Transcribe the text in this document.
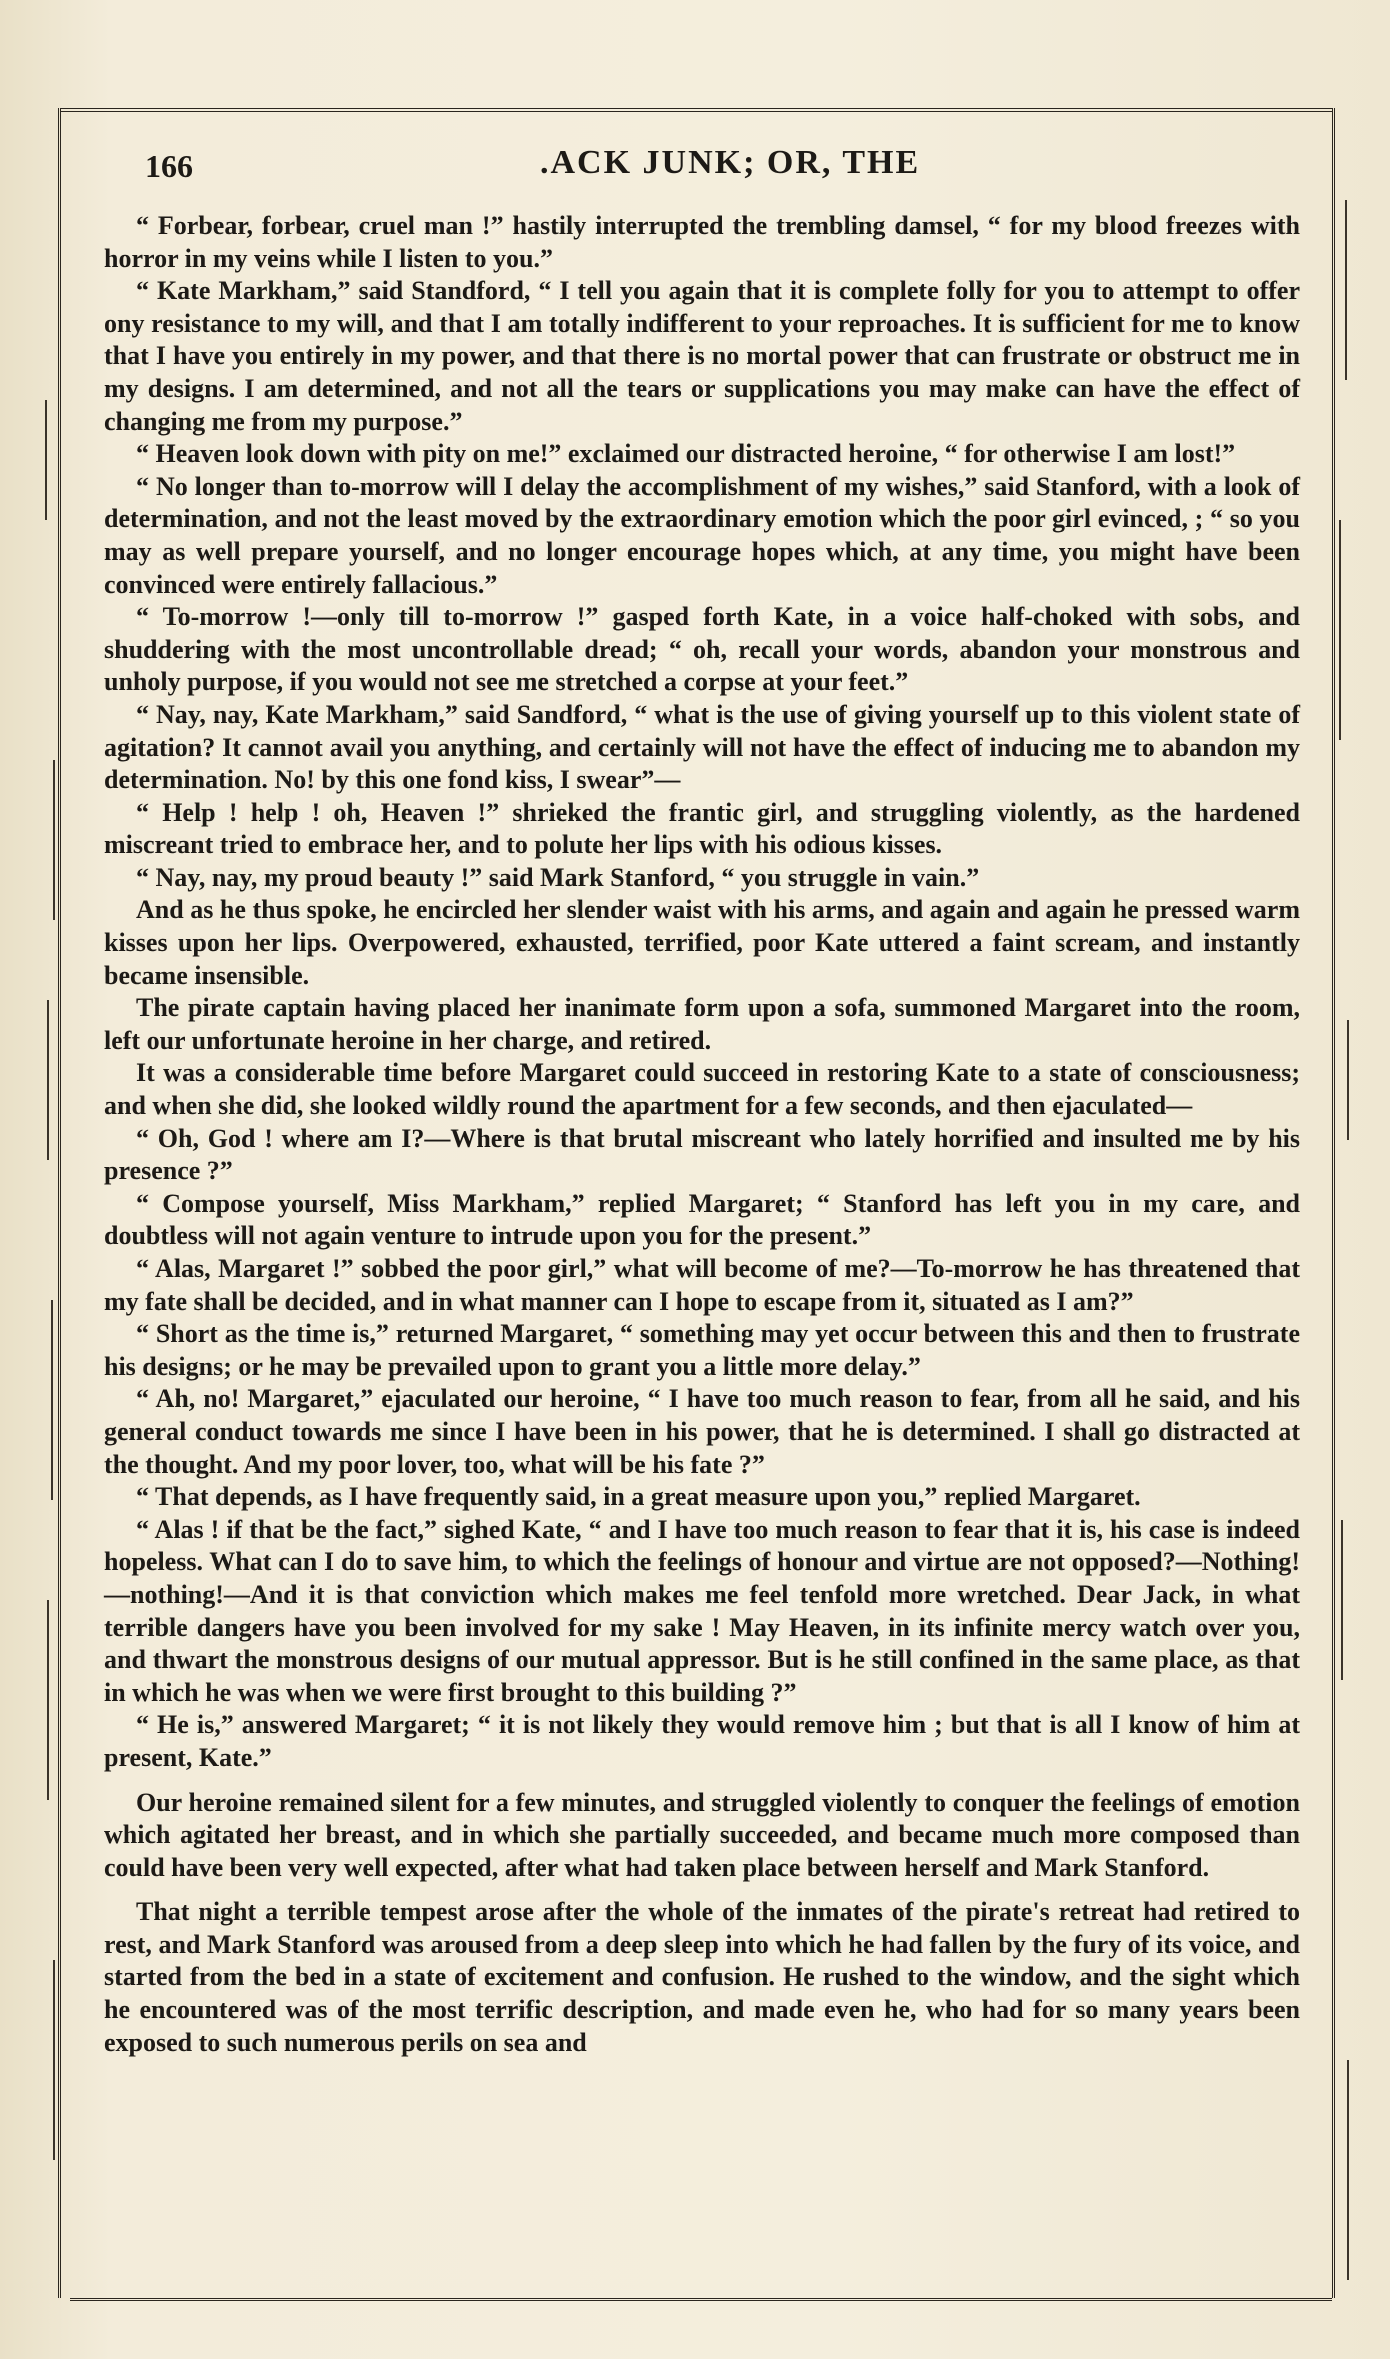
166	.ACK JUNK; OR, THE

“ Forbear, forbear, cruel man !” hastily interrupted the trembling damsel, “ for my blood freezes with horror in my veins while I listen to you.”

“ Kate Markham,” said Standford, “ I tell you again that it is complete folly for you to attempt to offer ony resistance to my will, and that I am totally indifferent to your reproaches. It is sufficient for me to know that I have you entirely in my power, and that there is no mortal power that can frustrate or obstruct me in my designs. I am determined, and not all the tears or supplications you may make can have the effect of changing me from my purpose.”

“ Heaven look down with pity on me!” exclaimed our distracted heroine, “ for otherwise I am lost!”

“ No longer than to-morrow will I delay the accomplishment of my wishes,” said Stanford, with a look of determination, and not the least moved by the extraordinary emotion which the poor girl evinced, ; “ so you may as well prepare yourself, and no longer encourage hopes which, at any time, you might have been convinced were entirely fallacious.”

“ To-morrow !—only till to-morrow !” gasped forth Kate, in a voice half-choked with sobs, and shuddering with the most uncontrollable dread; “ oh, recall your words, abandon your monstrous and unholy purpose, if you would not see me stretched a corpse at your feet.”

“ Nay, nay, Kate Markham,” said Sandford, “ what is the use of giving yourself up to this violent state of agitation? It cannot avail you anything, and certainly will not have the effect of inducing me to abandon my determination. No! by this one fond kiss, I swear”—

“ Help ! help ! oh, Heaven !” shrieked the frantic girl, and struggling violently, as the hardened miscreant tried to embrace her, and to polute her lips with his odious kisses.

“ Nay, nay, my proud beauty !” said Mark Stanford, “ you struggle in vain.”

And as he thus spoke, he encircled her slender waist with his arms, and again and again he pressed warm kisses upon her lips. Overpowered, exhausted, terrified, poor Kate uttered a faint scream, and instantly became insensible.

The pirate captain having placed her inanimate form upon a sofa, summoned Margaret into the room, left our unfortunate heroine in her charge, and retired.

It was a considerable time before Margaret could succeed in restoring Kate to a state of consciousness; and when she did, she looked wildly round the apartment for a few seconds, and then ejaculated—

“ Oh, God ! where am I?—Where is that brutal miscreant who lately horrified and insulted me by his presence ?”

“ Compose yourself, Miss Markham,” replied Margaret; “ Stanford has left you in my care, and doubtless will not again venture to intrude upon you for the present.”

“ Alas, Margaret !” sobbed the poor girl,” what will become of me?—To-morrow he has threatened that my fate shall be decided, and in what manner can I hope to escape from it, situated as I am?”

“ Short as the time is,” returned Margaret, “ something may yet occur between this and then to frustrate his designs; or he may be prevailed upon to grant you a little more delay.”

“ Ah, no! Margaret,” ejaculated our heroine, “ I have too much reason to fear, from all he said, and his general conduct towards me since I have been in his power, that he is determined. I shall go distracted at the thought. And my poor lover, too, what will be his fate ?”

“ That depends, as I have frequently said, in a great measure upon you,” replied Margaret.

“ Alas ! if that be the fact,” sighed Kate, “ and I have too much reason to fear that it is, his case is indeed hopeless. What can I do to save him, to which the feelings of honour and virtue are not opposed?—Nothing!—nothing!—And it is that conviction which makes me feel tenfold more wretched. Dear Jack, in what terrible dangers have you been involved for my sake ! May Heaven, in its infinite mercy watch over you, and thwart the monstrous designs of our mutual appressor. But is he still confined in the same place, as that in which he was when we were first brought to this building ?”

“ He is,” answered Margaret; “ it is not likely they would remove him ; but that is all I know of him at present, Kate.”

Our heroine remained silent for a few minutes, and struggled violently to conquer the feelings of emotion which agitated her breast, and in which she partially succeeded, and became much more composed than could have been very well expected, after what had taken place between herself and Mark Stanford.

That night a terrible tempest arose after the whole of the inmates of the pirate's retreat had retired to rest, and Mark Stanford was aroused from a deep sleep into which he had fallen by the fury of its voice, and started from the bed in a state of excitement and confusion. He rushed to the window, and the sight which he encountered was of the most terrific description, and made even he, who had for so many years been exposed to such numerous perils on sea and
